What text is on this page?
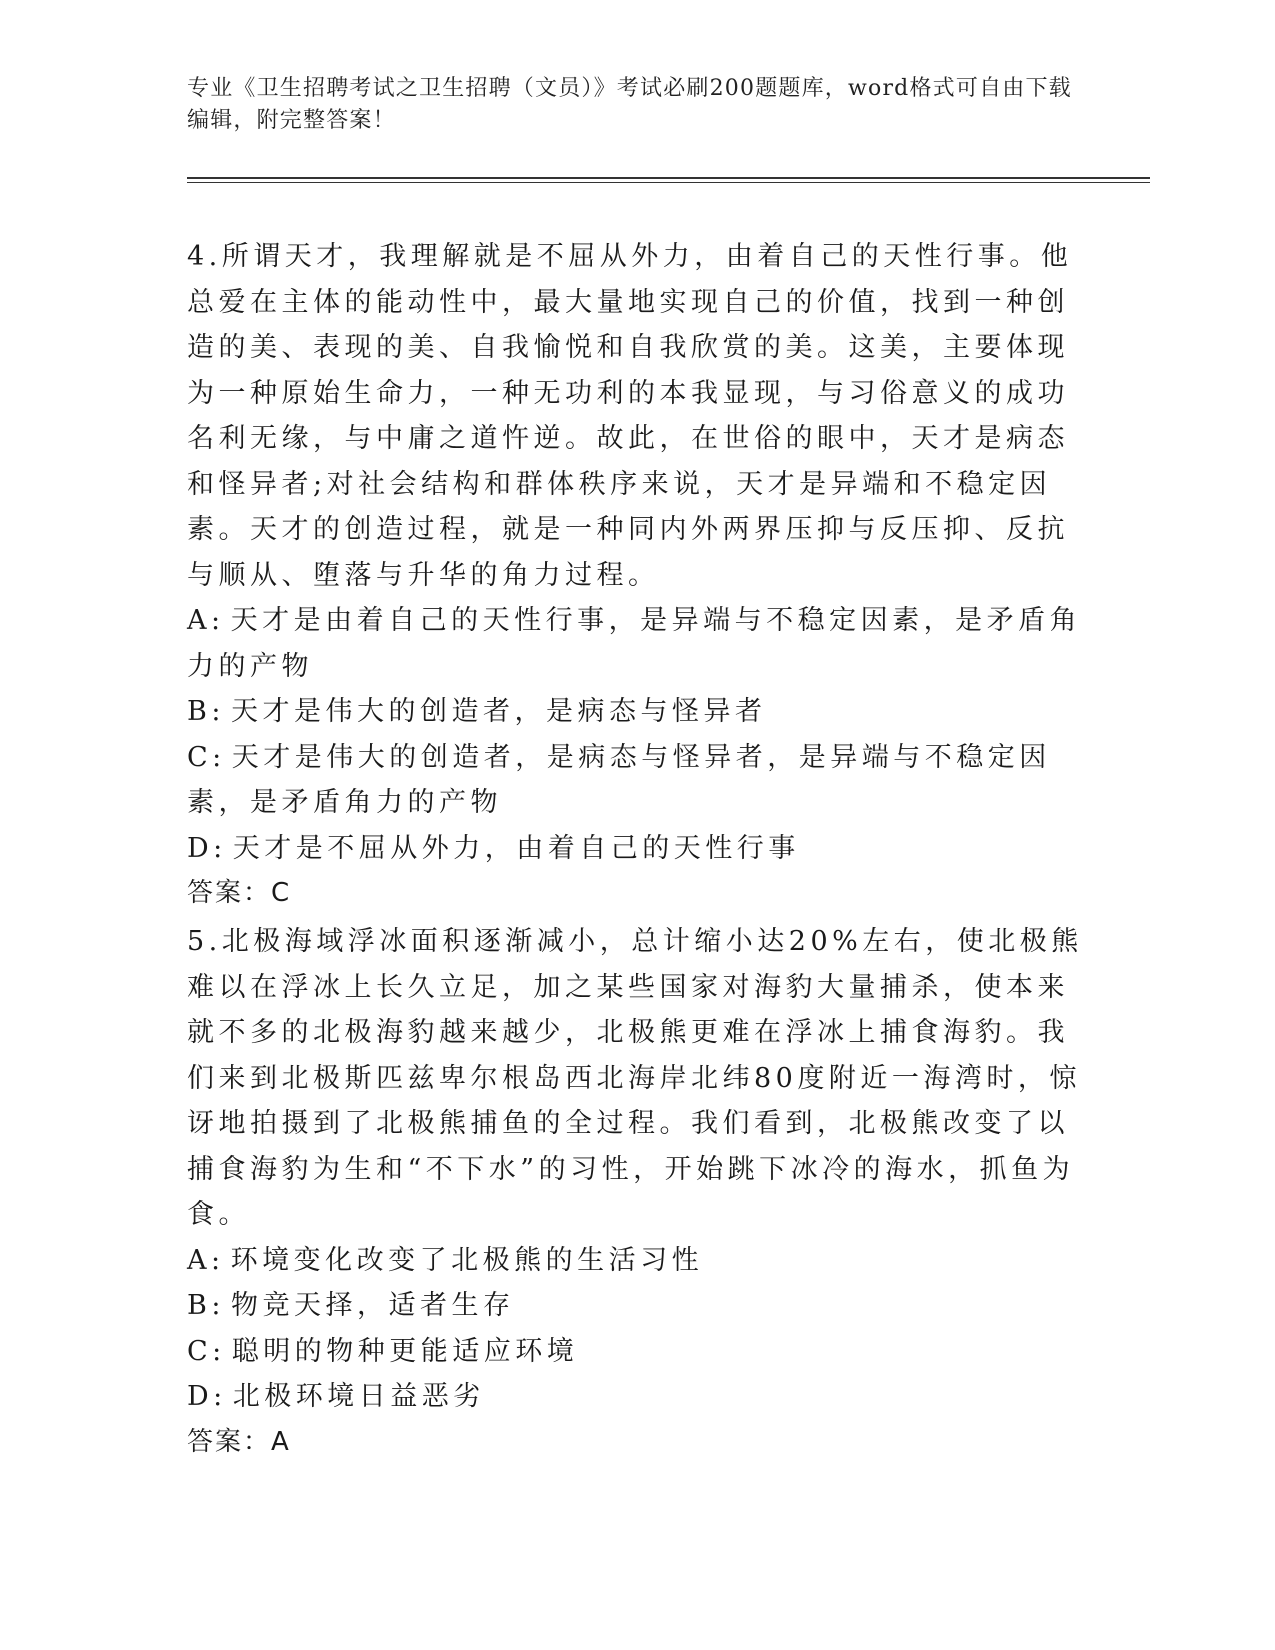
专业《卫生招聘考试之卫生招聘（文员）》考试必刷200题题库，word格式可自由下载编辑，附完整答案！

4.所谓天才，我理解就是不屈从外力，由着自己的天性行事。他总爱在主体的能动性中，最大量地实现自己的价值，找到一种创造的美、表现的美、自我愉悦和自我欣赏的美。这美，主要体现为一种原始生命力，一种无功利的本我显现，与习俗意义的成功名利无缘，与中庸之道忤逆。故此，在世俗的眼中，天才是病态和怪异者;对社会结构和群体秩序来说，天才是异端和不稳定因素。天才的创造过程，就是一种同内外两界压抑与反压抑、反抗与顺从、堕落与升华的角力过程。

A: 天才是由着自己的天性行事，是异端与不稳定因素，是矛盾角力的产物

B: 天才是伟大的创造者，是病态与怪异者

C: 天才是伟大的创造者，是病态与怪异者，是异端与不稳定因素，是矛盾角力的产物

D: 天才是不屈从外力，由着自己的天性行事

答案：C

5.北极海域浮冰面积逐渐减小，总计缩小达20%左右，使北极熊难以在浮冰上长久立足，加之某些国家对海豹大量捕杀，使本来就不多的北极海豹越来越少，北极熊更难在浮冰上捕食海豹。我们来到北极斯匹兹卑尔根岛西北海岸北纬80度附近一海湾时，惊讶地拍摄到了北极熊捕鱼的全过程。我们看到，北极熊改变了以捕食海豹为生和“不下水”的习性，开始跳下冰冷的海水，抓鱼为食。

A: 环境变化改变了北极熊的生活习性

B: 物竞天择，适者生存

C: 聪明的物种更能适应环境

D: 北极环境日益恶劣

答案：A
